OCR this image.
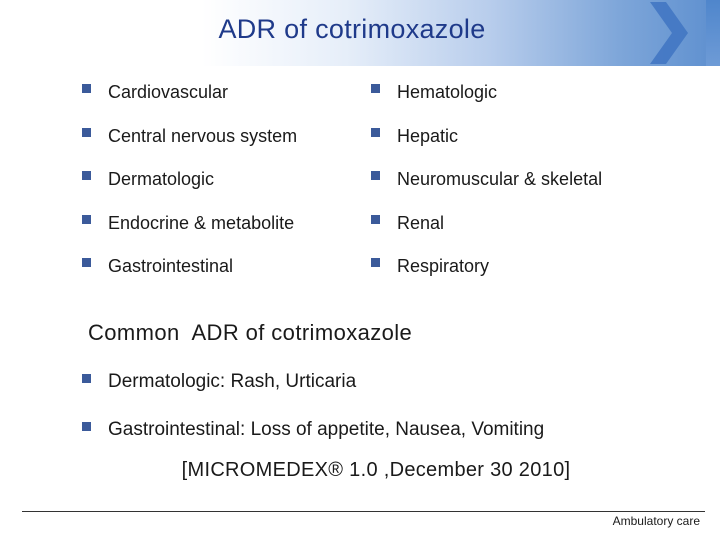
ADR of cotrimoxazole
Cardiovascular
Central nervous system
Dermatologic
Endocrine & metabolite
Gastrointestinal
Hematologic
Hepatic
Neuromuscular & skeletal
Renal
Respiratory
Common  ADR of cotrimoxazole
Dermatologic: Rash, Urticaria
Gastrointestinal: Loss of appetite, Nausea, Vomiting
[MICROMEDEX® 1.0 ,December 30 2010]
Ambulatory care
